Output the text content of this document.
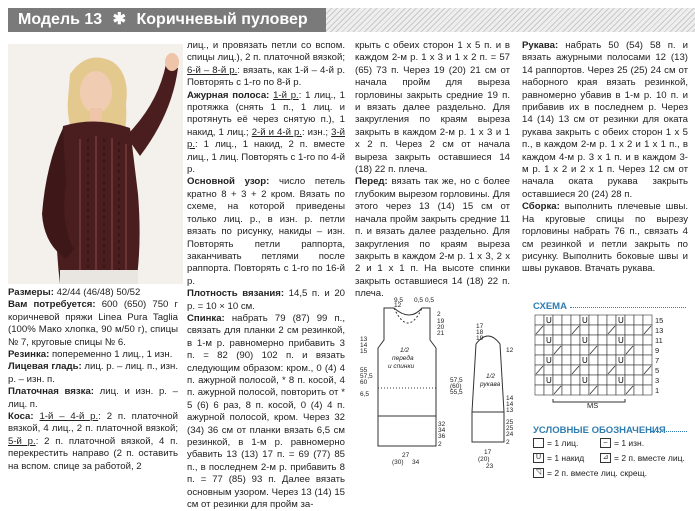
Модель 13 ✱ Коричневый пуловер

Размеры: 42/44 (46/48) 50/52

Вам потребуется: 600 (650) 750 г коричневой пряжи Linea Pura Taglia (100% Мако хлопка, 90 м/50 г), спицы № 7, круговые спицы № 6.

Резинка: попеременно 1 лиц., 1 изн.

Лицевая гладь: лиц. р. – лиц. п., изн. р. – изн. п.

Платочная вязка: лиц. и изн. р. – лиц. п.

Коса: 1-й – 4-й р.: 2 п. платочной вязкой, 4 лиц., 2 п. платочной вязкой; 5-й р.: 2 п. платочной вязкой, 4 п. перекрестить направо (2 п. оставить на вспом. спице за работой, 2

лиц., и провязать петли со вспом. спицы лиц.), 2 п. платочной вязкой; 6-й – 8-й р.: вязать, как 1-й – 4-й р. Повторять с 1-го по 8-й р.

Ажурная полоса: 1-й р.: 1 лиц., 1 протяжка (снять 1 п., 1 лиц. и протянуть её через снятую п.), 1 накид, 1 лиц.; 2-й и 4-й р.: изн.; 3-й р.: 1 лиц., 1 накид, 2 п. вместе лиц., 1 лиц. Повторять с 1-го по 4-й р.

Основной узор: число петель кратно 8 + 3 + 2 кром. Вязать по схеме, на которой приведены только лиц. р., в изн. р. петли вязать по рисунку, накиды – изн. Повторять петли раппорта, заканчивать петлями после раппорта. Повторять с 1-го по 16-й р.

Плотность вязания: 14,5 п. и 20 р. = 10 × 10 см.

Спинка: набрать 79 (87) 99 п., связать для планки 2 см резинкой, в 1-м р. равномерно прибавить 3 п. = 82 (90) 102 п. и вязать следующим образом: кром., 0 (4) 4 п. ажурной полосой, * 8 п. косой, 4 п. ажурной полосой, повторить от * 5 (6) 6 раз, 8 п. косой, 0 (4) 4 п. ажурной полосой, кром. Через 32 (34) 36 см от планки вязать 6,5 см резинкой, в 1-м р. равномерно убавить 13 (13) 17 п. = 69 (77) 85 п., в последнем 2-м р. прибавить 8 п. = 77 (85) 93 п. Далее вязать основным узором. Через 13 (14) 15 см от резинки для пройм за-

крыть с обеих сторон 1 х 5 п. и в каждом 2-м р. 1 х 3 и 1 х 2 п. = 57 (65) 73 п. Через 19 (20) 21 см от начала пройм для выреза горловины закрыть средние 19 п. и вязать далее раздельно. Для закругления по краям выреза закрыть в каждом 2-м р. 1 х 3 и 1 х 2 п. Через 2 см от начала выреза закрыть оставшиеся 14 (18) 22 п. плеча.

Перед: вязать так же, но с более глубоким вырезом горловины. Для этого через 13 (14) 15 см от начала пройм закрыть средние 11 п. и вязать далее раздельно. Для закругления по краям выреза закрыть в каждом 2-м р. 1 х 3, 2 х 2 и 1 х 1 п. На высоте спинки закрыть оставшиеся 14 (18) 22 п. плеча.

Рукава: набрать 50 (54) 58 п. и вязать ажурными полосами 12 (13) 14 раппортов. Через 25 (25) 24 см от наборного края вязать резинкой, равномерно убавив в 1-м р. 10 п. и прибавив их в последнем р. Через 14 (14) 13 см от резинки для оката рукава закрыть с обеих сторон 1 х 5 п., в каждом 2-м р. 1 х 2 и 1 х 1 п., в каждом 4-м р. 3 х 1 п. и в каждом 3-м р. 1 х 2 и 2 х 1 п. Через 12 см от начала оката рукава закрыть оставшиеся 20 (24) 28 п.

Сборка: выполнить плечевые швы. На круговые спицы по вырезу горловины набрать 76 п., связать 4 см резинкой и петли закрыть по рисунку. Выполнить боковые швы и швы рукавов. Втачать рукава.

9,5
12
0,5 0,5
2
19
20
21
13
14
15	1/2
переда
и спинки
55
57,5
60
6,5
32
34
36
2
27
(30) 34
17
18
19
1/2
рукава
57,5
(60)
55,5
12
14
14
13
25
25
24
2
17
(20)
23
СХЕМА
U	U	U
U	U	U
U	U	U
U	U	U
15
13
11
9
7
5
3
1
MS
УСЛОВНЫЕ ОБОЗНАЧЕНИЯ
= 1 лиц.	– = 1 изн.
U = 1 накид	⊿ = 2 п. вместе лиц.
◹ = 2 п. вместе лиц. скрещ.
